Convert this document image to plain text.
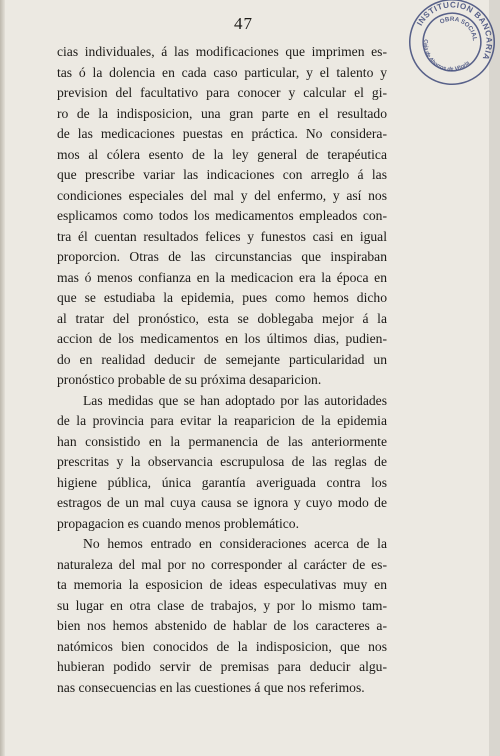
47	INSTITUCION BANCARIA
OBRA SOCIAL
Caja de Ahorros de Vitoria

cias individuales, á las modificaciones que imprimen es-
tas ó la dolencia en cada caso particular, y el talento y
prevision del facultativo para conocer y calcular el gi-
ro de la indisposicion, una gran parte en el resultado
de las medicaciones puestas en práctica. No considera-
mos al cólera esento de la ley general de terapéutica
que prescribe variar las indicaciones con arreglo á las
condiciones especiales del mal y del enfermo, y así nos
esplicamos como todos los medicamentos empleados con-
tra él cuentan resultados felices y funestos casi en igual
proporcion. Otras de las circunstancias que inspiraban
mas ó menos confianza en la medicacion era la época en
que se estudiaba la epidemia, pues como hemos dicho
al tratar del pronóstico, esta se doblegaba mejor á la
accion de los medicamentos en los últimos dias, pudien-
do en realidad deducir de semejante particularidad un
pronóstico probable de su próxima desaparicion.

Las medidas que se han adoptado por las autoridades
de la provincia para evitar la reaparicion de la epidemia
han consistido en la permanencia de las anteriormente
prescritas y la observancia escrupulosa de las reglas de
higiene pública, única garantía averiguada contra los
estragos de un mal cuya causa se ignora y cuyo modo de
propagacion es cuando menos problemático.

No hemos entrado en consideraciones acerca de la
naturaleza del mal por no corresponder al carácter de es-
ta memoria la esposicion de ideas especulativas muy en
su lugar en otra clase de trabajos, y por lo mismo tam-
bien nos hemos abstenido de hablar de los caracteres a-
natómicos bien conocidos de la indisposicion, que nos
hubieran podido servir de premisas para deducir algu-
nas consecuencias en las cuestiones á que nos referimos.
